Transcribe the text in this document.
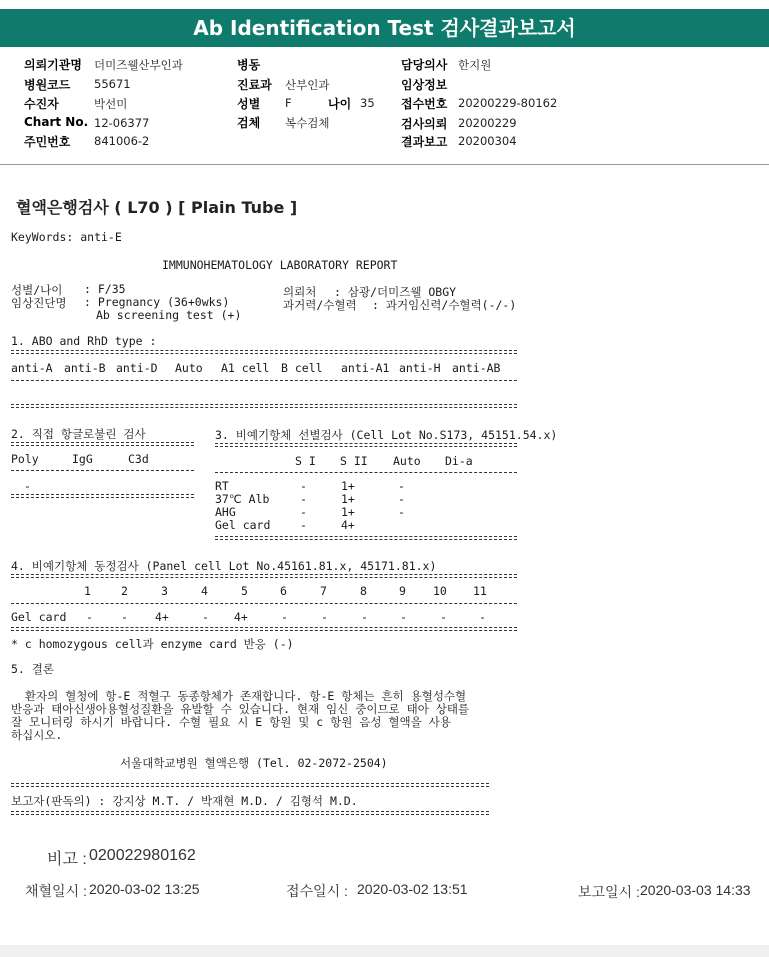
Ab Identification Test 검사결과보고서
의뢰기관명 더미즈웰산부인과
병원코드 55671
수진자	박선미
Chart No. 12-06377
주민번호 841006-2
병동
진료과 산부인과
성별 F	나이 35
검체 복수검체
담당의사 한지원
임상정보
접수번호 20200229-80162
검사의뢰 20200229
결과보고 20200304
혈액은행검사 ( L70 ) [ Plain Tube ]
KeyWords: anti-E
IMMUNOHEMATOLOGY LABORATORY REPORT
성별/나이 : F/35
임상진단명 : Pregnancy (36+0wks)
Ab screening test (+)
의뢰처 : 삼광/더미즈웰 OBGY
과거력/수혈력 : 과거임신력/수혈력(-/-)
1. ABO and RhD type :
anti-A anti-B anti-D Auto A1 cell B cell anti-A1 anti-H anti-AB
2. 직접 항글로불린 검사
Poly	IgG	C3d
-
3. 비예기항체 선별검사 (Cell Lot No.S173, 45151.54.x)
S I S II Auto Di-a
RT	-	1+	-
37℃ Alb	-	1+	-
AHG	-	1+	-
Gel card	-	4+
4. 비예기항체 동정검사 (Panel cell Lot No.45161.81.x, 45171.81.x)
1	2	3	4	5	6	7	8	9 10 11
Gel card - - 4+	- 4+	-	-	-	-	-	-
* c homozygous cell과 enzyme card 반응 (-)
5. 결론
환자의 혈청에 항-E 적혈구 동종항체가 존재합니다. 항-E 항체는 흔히 용혈성수혈
반응과 태아신생아용혈성질환을 유발할 수 있습니다. 현재 임신 중이므로 태아 상태를
잘 모니터링 하시기 바랍니다. 수혈 필요 시 E 항원 및 c 항원 음성 혈액을 사용
하십시오.
서울대학교병원 혈액은행 (Tel. 02-2072-2504)
보고자(판독의) : 강지상 M.T. / 박재현 M.D. / 김형석 M.D.
비고 :
020022980162
채혈일시 : 2020-03-02 13:25	접수일시 : 2020-03-02 13:51	보고일시 : 2020-03-03 14:33
